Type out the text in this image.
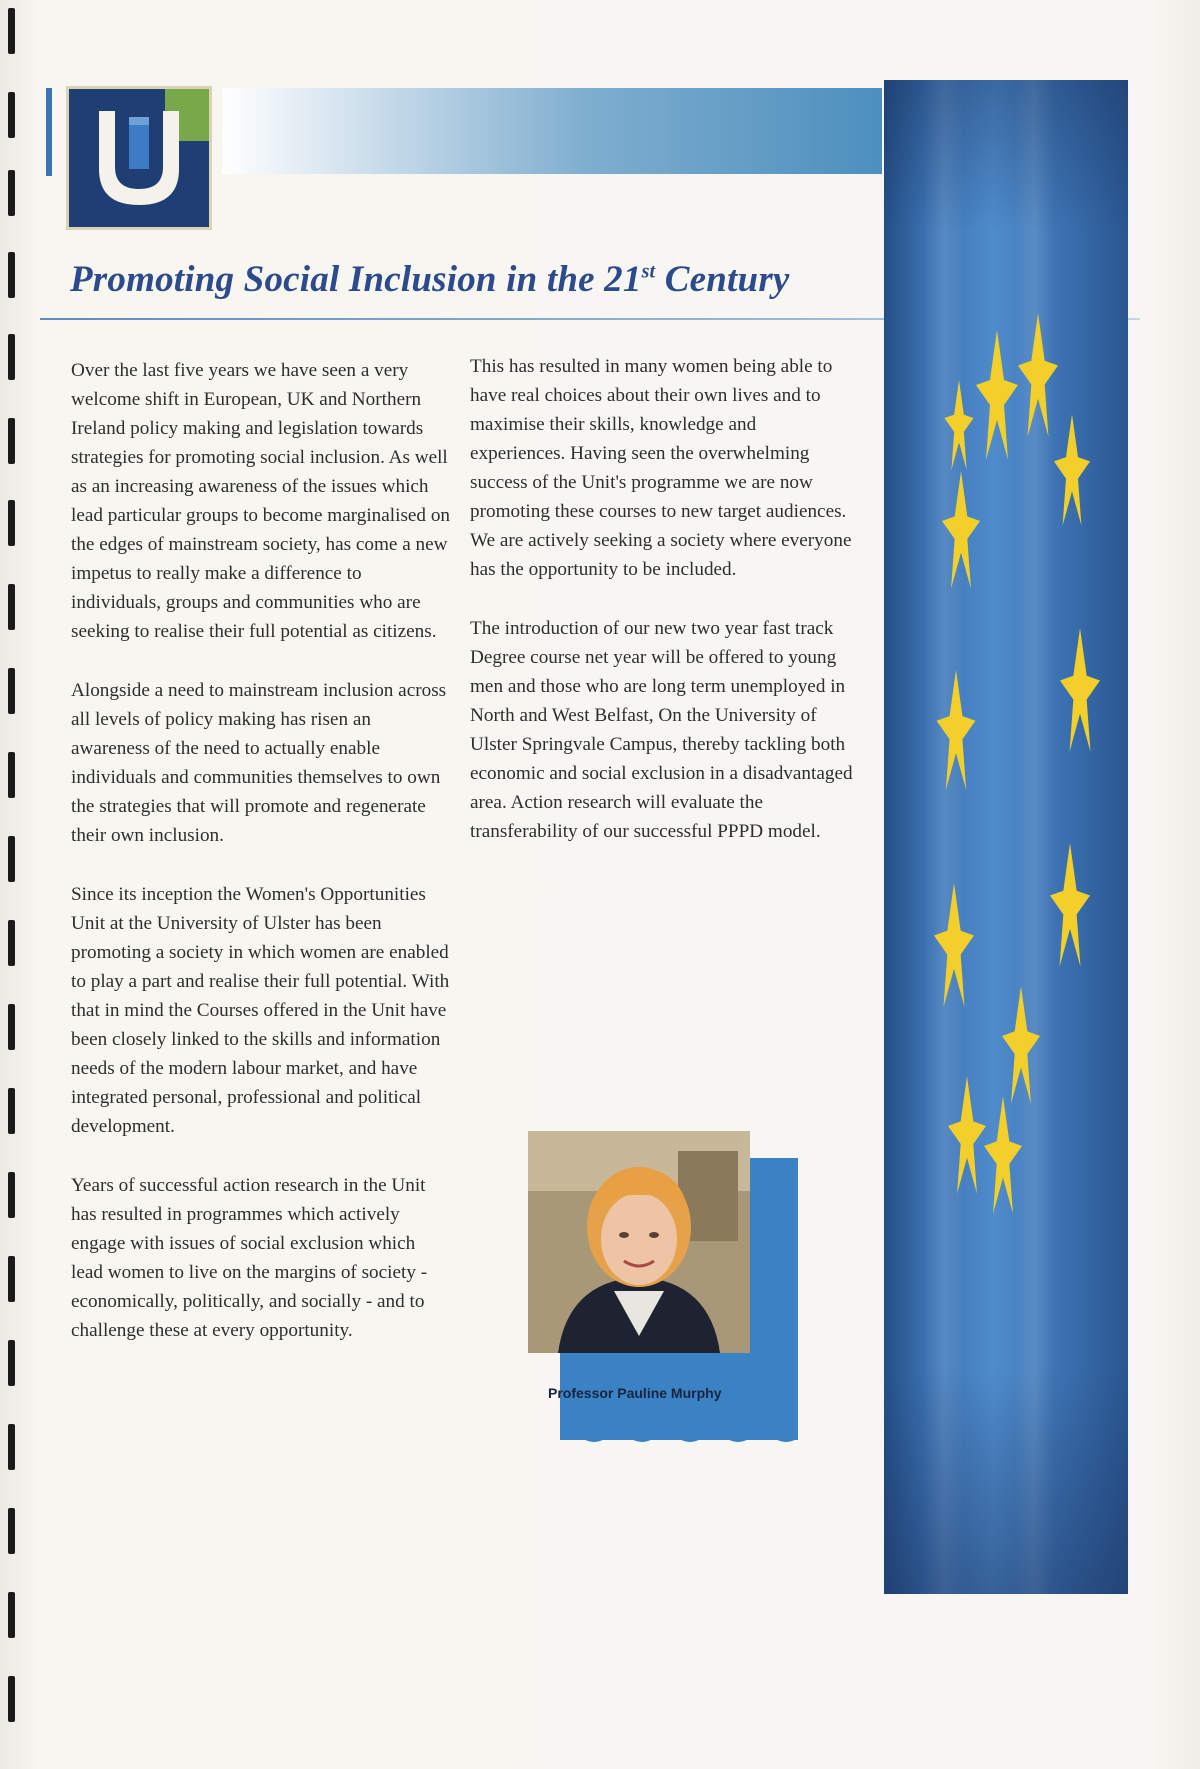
Promoting Social Inclusion in the 21st Century

Over the last five years we have seen a very welcome shift in European, UK and Northern Ireland policy making and legislation towards strategies for promoting social inclusion. As well as an increasing awareness of the issues which lead particular groups to become marginalised on the edges of mainstream society, has come a new impetus to really make a difference to individuals, groups and communities who are seeking to realise their full potential as citizens.

Alongside a need to mainstream inclusion across all levels of policy making has risen an awareness of the need to actually enable individuals and communities themselves to own the strategies that will promote and regenerate their own inclusion.

Since its inception the Women's Opportunities Unit at the University of Ulster has been promoting a society in which women are enabled to play a part and realise their full potential. With that in mind the Courses offered in the Unit have been closely linked to the skills and information needs of the modern labour market, and have integrated personal, professional and political development.

Years of successful action research in the Unit has resulted in programmes which actively engage with issues of social exclusion which lead women to live on the margins of society - economically, politically, and socially - and to challenge these at every opportunity.

This has resulted in many women being able to have real choices about their own lives and to maximise their skills, knowledge and experiences. Having seen the overwhelming success of the Unit's programme we are now promoting these courses to new target audiences. We are actively seeking a society where everyone has the opportunity to be included.

The introduction of our new two year fast track Degree course net year will be offered to young men and those who are long term unemployed in North and West Belfast, On the University of Ulster Springvale Campus, thereby tackling both economic and social exclusion in a disadvantaged area. Action research will evaluate the transferability of our successful PPPD model.

Professor Pauline Murphy
